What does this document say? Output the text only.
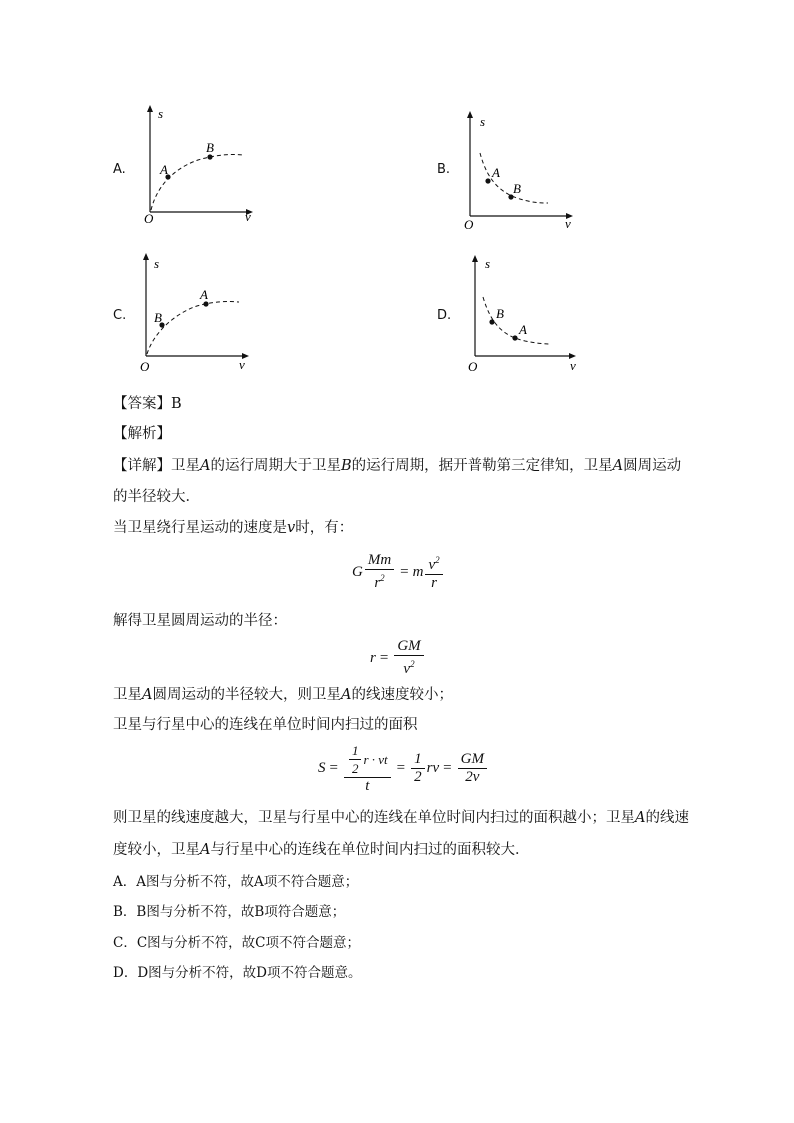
A.	A
B
s
v
O
B.	A
B
s
v
O
C. B
A
s
v
O
D.	B
A
s
v
O
【答案】B
【解析】
【详解】卫星A的运行周期大于卫星B的运行周期，据开普勒第三定律知，卫星A圆周运动
的半径较大．
当卫星绕行星运动的速度是v时，有：
G $\frac{Mm}{r^2} = m \frac{v^2}{r}$
解得卫星圆周运动的半径：
$r = \frac{GM}{v^2}$
卫星A圆周运动的半径较大，则卫星A的线速度较小；
卫星与行星中心的连线在单位时间内扫过的面积
$S = \frac{\frac{1}{2} r \cdot vt}{t} = \frac{1}{2}$ rv = $\frac{GM}{2v}$
则卫星的线速度越大，卫星与行星中心的连线在单位时间内扫过的面积越小；卫星A的线速
度较小，卫星A与行星中心的连线在单位时间内扫过的面积较大．
A．A图与分析不符，故A项不符合题意；
B．B图与分析不符，故B项符合题意；
C．C图与分析不符，故C项不符合题意；
D．D图与分析不符，故D项不符合题意。
